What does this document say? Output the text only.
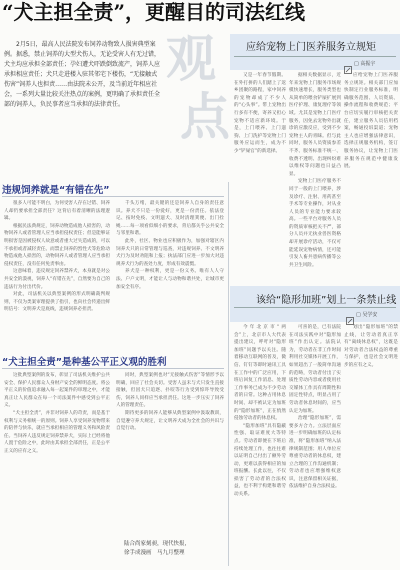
“犬主担全责”，更醒目的司法红线

2月5日，最高人民法院发布饲养动物致人损害典型案例。据悉，禁止饲养的大型犬伤人，无论受害人有无过错，犬主均应承担全部责任；孕妇遭犬吓跌倒致流产，饲养人应承担相应责任；犬只走进楼入驻其邻宅下楼伤，“无接触式伤害”饲养人也担责……由法院未公开，及当前近年相应社会，一系列大量比较关注热点的案例，更明确了承担责任全部的饲养人，负民事者应当承担的法律责任。

观
点
应给宠物上门医养服务立规矩
□ 高振宇

又是一年春节假期。在外打拼的人们踏上了返乡团聚的路程，家中饲养的宠物却成了不少人的“心头事”。带上宠物出行多有不便，寄养又担心宠物不适应新环境。于是，上门喂养、上门遛狗、上门洗护等宠物上门服务应运而生，成为不少“铲屎官”的新选择。

据相关数据显示，近年来宠物上门服务市场规模快速增长，服务类型也从简单的喂食铲屎扩展到医疗护理、康复理疗等领域。尤其是宠物上门医疗服务，因免去宠物外出就诊的应激反应，受到不少宠物主人的青睐。但与此同时，服务人员资质参差不齐、服务标准不统一、收费不透明、出现纠纷难以维权等问题也日益凸显。

宠物上门医疗服务不同于一般的上门喂养，涉及诊疗、注射、用药甚至手术等专业操作，对从业人员的专业能力要求较高。一些平台对服务人员的资质审核把关不严，部分人员并无执业兽医资格却开展诊疗活动，不仅可能延误宠物病情，还可能引发人畜共患病传播等公共卫生风险。

应给宠物上门医养服务立规矩。相关部门应加快制定行业服务标准，明确服务范围、人员资质、操作流程和收费规范；平台应切实履行审核把关责任，建立服务人员信用档案，畅通投诉渠道；宠物主人也应增强法律意识，选择正规服务机构，签订服务协议，让宠物上门医养服务在规范中健康发展。

违规饲养就是“有错在先”

很多人可能不明白，为何受害人存在过错、饲养人却仍要承担全部责任？这背后有着清晰的法理逻辑。

根据民法典规定，饲养动物造成他人损害的，动物饲养人或者管理人应当承担侵权责任；但是能够证明损害是因被侵权人故意或者重大过失造成的，可以不承担或者减轻责任。而禁止饲养的烈性犬等危险动物造成他人损害的，动物饲养人或者管理人应当承担侵权责任，没有任何免责事由。

这意味着，违反规定饲养禁养犬，本身就是对公共安全的漠视，饲养人“有错在先”，自然要为自己的违法行为付出代价。

对此，司法机关以典型案例的形式明确裁判规则，不仅为类案审理提供了指引，也向社会传递出鲜明信号：文明养犬是底线，违规饲养必担责。

千头万绪，最关键的还是饲养人自身的责任意识。养犬不只是一份爱好，更是一份责任。依法登记、按时免疫、文明遛犬、及时清理粪便、出门拴绳……每一项看似细小的要求，背后都关乎公共安全与邻里和谐。

此外，社区、物业也应积极作为，加强对辖区内饲养犬只的日常管理与巡查，对违规饲养、不文明养犬行为及时劝阻和上报；执法部门应进一步加大对违规养犬行为的查处力度，形成有效震慑。

养犬是一种权利，更是一份义务。唯有人人守法、户户文明，才能让人与动物和谐共处，让城市更加安全有序。

“犬主担全责”是种基公平正义观的胜利

这批典型案例的发布，彰显了司法机关维护公共安全、保护人民群众人身财产安全的鲜明态度。将公平正义的价值追求融入每一起案件的审理之中，才能真正让人民群众在每一个司法案件中感受到公平正义。

“犬主担全责”，并非对饲养人的苛责，而是基于权利与义务相统一的原则。饲养人享受饲养宠物带来的陪伴与快乐，就应当承担相应的管理义务和风险责任。当饲养人违反规定饲养禁养犬，实际上已经将他人置于危险之中，此时由其承担全部责任，正是公平正义的应有之义。

同时，典型案例也对“无接触式伤害”等情形予以明确，回应了社会关切。受害人虽未与犬只发生直接接触，但因犬只追逐、扑咬等行为受到惊吓导致受伤，饲养人同样应当承担责任。这进一步压实了饲养人的管理责任。

期待更多的饲养人能够从典型案例中汲取教训，自觉遵守养犬规定，让文明养犬成为全社会的共识与自觉行动。

陆合尚家刻昶，现代快报，
徐手成漫画　马九月整理
该给“隐形加班”划上一条禁止线
□ 吴学安

今年北京市“两会”上，北京市人大代表提出建议，呼吁对“隐形加班”问题予以关注。随着移动互联网的普及，微信、钉钉等即时通讯工具在工作中的广泛应用，下班后回复工作消息、处理工作事务已成为不少劳动者的日常。这种占用休息时间、却不被认定为加班的“隐形加班”，正在悄然侵蚀劳动者的休息权。

“隐形加班”具有隐蔽性强、取证难度大等特点。劳动者即便在下班后持续处理工作，也往往难以证明自己付出了额外劳动，更难以获得相应的加班报酬。长此以往，不仅损害了劳动者的合法权益，也不利于构建和谐劳动关系。

可喜的是，已有法院在司法实践中对“隐形加班”作出认定。法院认为，劳动者在非工作时间利用社交媒体开展工作，如果超出了一般简单沟通的范畴，劳动者付出了实质性劳动内容或者使用社交媒体工作具有周期性和固定性特点，明显占用了劳动者休息时间的，应当认定为加班。

治理“隐形加班”，需要多方合力。立法层面应进一步明确加班的认定标准，将“隐形加班”纳入法律规制范围；用人单位应尊重劳动者的休息权，建立合理的工作沟通机制；劳动者也应增强维权意识，注意保留相关证据，依法维护自身合法权益。

划出“隐形加班”的禁止线，让劳动者真正享有“离线休息权”，这既是对劳动者合法权益的尊重与保护，也是社会文明进步的应有之义。
